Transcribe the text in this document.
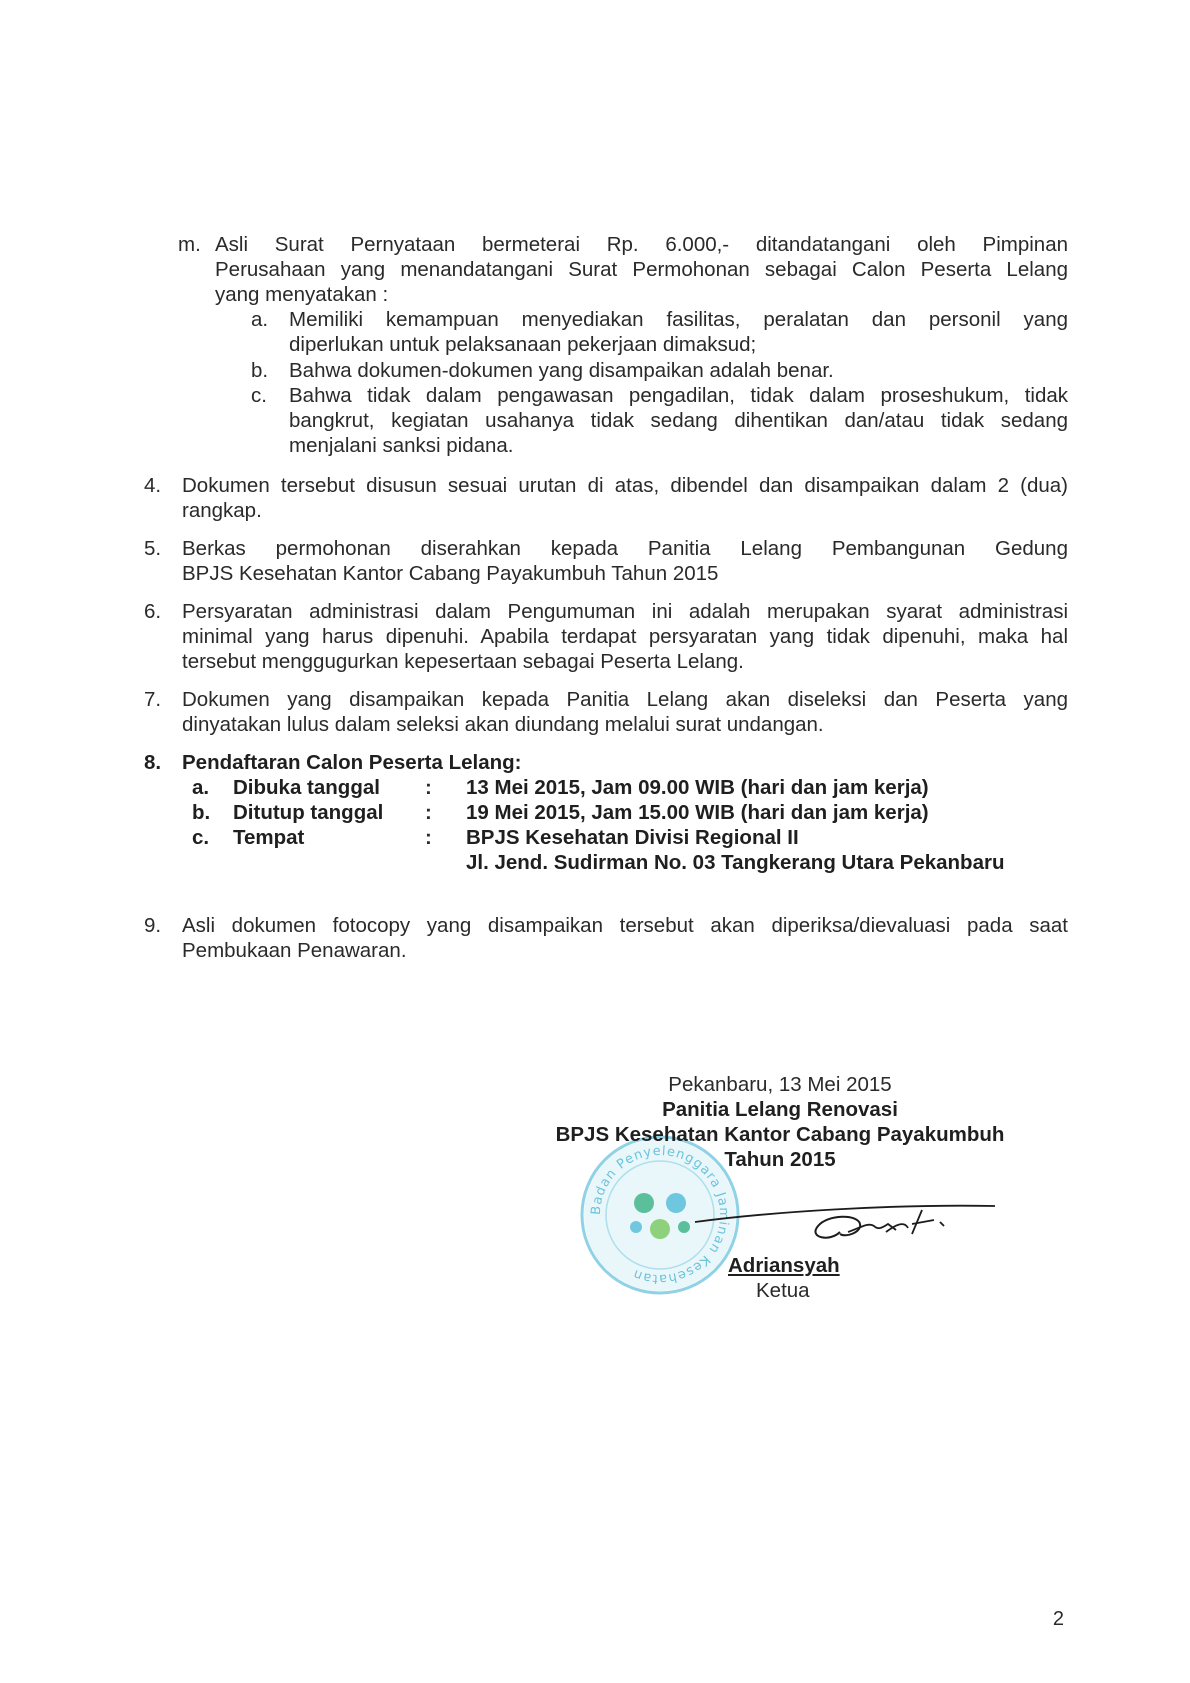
m. Asli Surat Pernyataan bermeterai Rp. 6.000,- ditandatangani oleh Pimpinan
Perusahaan yang menandatangani Surat Permohonan sebagai Calon Peserta Lelang
yang menyatakan :
a. Memiliki kemampuan menyediakan fasilitas, peralatan dan personil yang
diperlukan untuk pelaksanaan pekerjaan dimaksud;
b. Bahwa dokumen-dokumen yang disampaikan adalah benar.
c. Bahwa tidak dalam pengawasan pengadilan, tidak dalam proseshukum, tidak
bangkrut, kegiatan usahanya tidak sedang dihentikan dan/atau tidak sedang
menjalani sanksi pidana.
4. Dokumen tersebut disusun sesuai urutan di atas, dibendel dan disampaikan dalam 2 (dua)
rangkap.
5. Berkas permohonan diserahkan kepada Panitia Lelang Pembangunan Gedung
BPJS Kesehatan Kantor Cabang Payakumbuh Tahun 2015
6. Persyaratan administrasi dalam Pengumuman ini adalah merupakan syarat administrasi
minimal yang harus dipenuhi. Apabila terdapat persyaratan yang tidak dipenuhi, maka hal
tersebut menggugurkan kepesertaan sebagai Peserta Lelang.
7. Dokumen yang disampaikan kepada Panitia Lelang akan diseleksi dan Peserta yang
dinyatakan lulus dalam seleksi akan diundang melalui surat undangan.
8. Pendaftaran Calon Peserta Lelang:
a. Dibuka tanggal : 13 Mei 2015, Jam 09.00 WIB (hari dan jam kerja)
b. Ditutup tanggal : 19 Mei 2015, Jam 15.00 WIB (hari dan jam kerja)
c. Tempat	: BPJS Kesehatan Divisi Regional II
Jl. Jend. Sudirman No. 03 Tangkerang Utara Pekanbaru
9. Asli dokumen fotocopy yang disampaikan tersebut akan diperiksa/dievaluasi pada saat
Pembukaan Penawaran.
Badan Penyelenggara Jaminan Kesehatan
Pekanbaru, 13 Mei 2015
Panitia Lelang Renovasi
BPJS Kesehatan Kantor Cabang Payakumbuh
Tahun 2015
Adriansyah
Ketua
2
